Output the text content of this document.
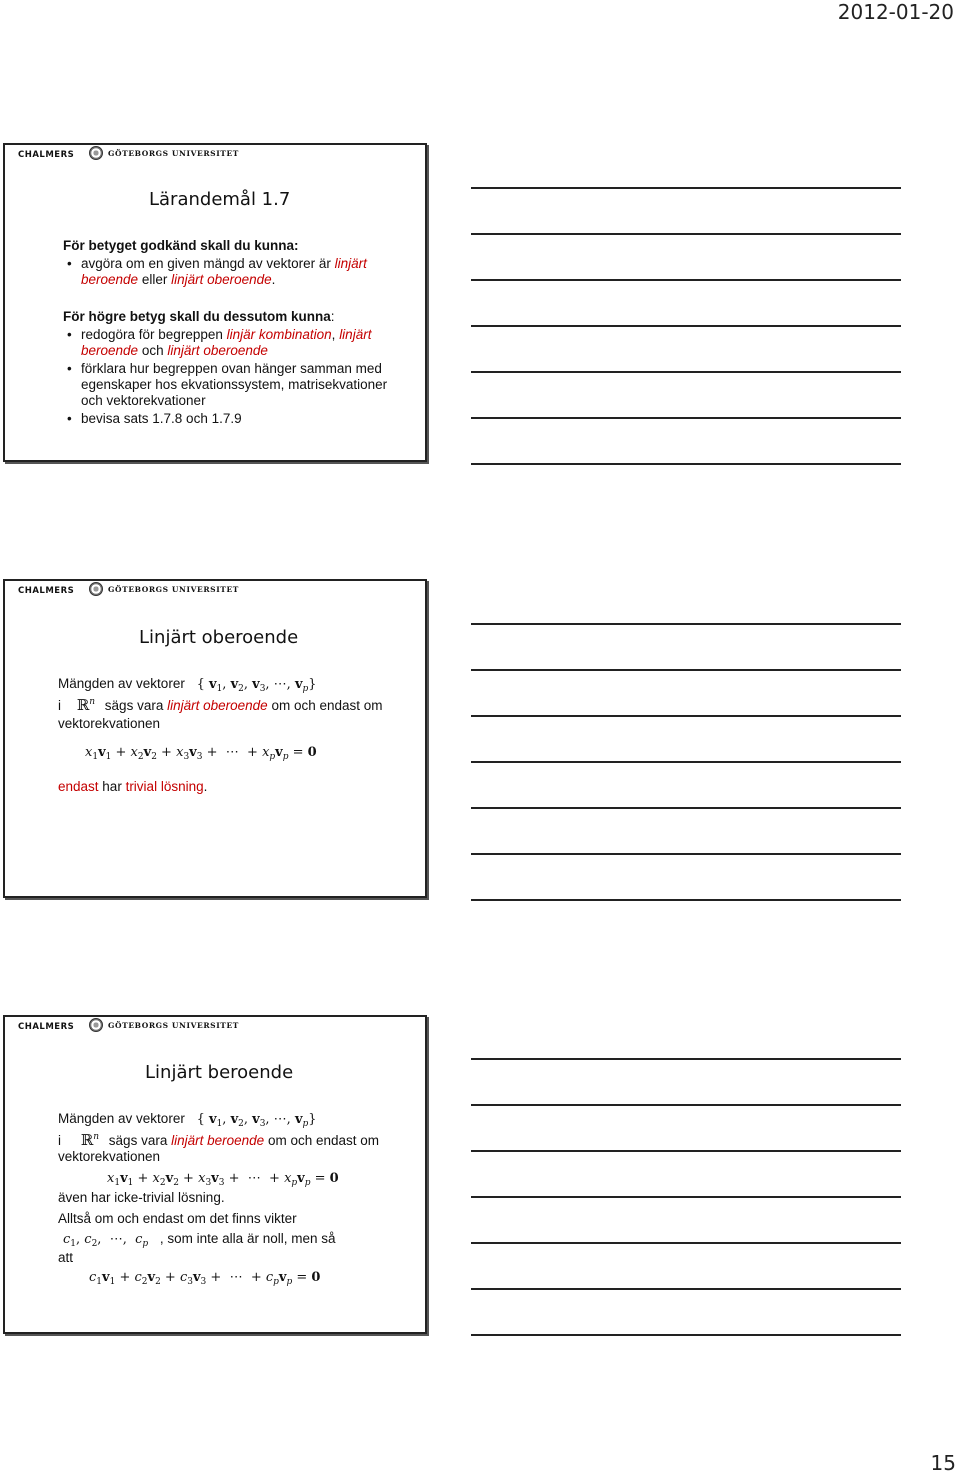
2012-01-20
CHALMERS	GÖTEBORGS UNIVERSITET
Lärandemål 1.7
För betyget godkänd skall du kunna:
• avgöra om en given mängd av vektorer är linjärt beroende eller linjärt oberoende.
För högre betyg skall du dessutom kunna:
• redogöra för begreppen linjär kombination, linjärt beroende och linjärt oberoende
• förklara hur begreppen ovan hänger samman med egenskaper hos ekvationssystem, matrisekvationer och vektorekvationer
• bevisa sats 1.7.8 och 1.7.9
CHALMERS	GÖTEBORGS UNIVERSITET
Linjärt oberoende
Mängden av vektorer { $v_1$, $v_2$, $v_3$, ⋯, $v_p$}
i ℝ$^n$ sägs vara linjärt oberoende om och endast om
vektorekvationen
$x_1v_1 + x_2v_2 + x_3v_3$ +  ⋯  + $x_pv_p = 0$
endast har trivial lösning.
CHALMERS	GÖTEBORGS UNIVERSITET
Linjärt beroende
Mängden av vektorer { $v_1$, $v_2$, $v_3$, ⋯, $v_p$}
i ℝ$^n$ sägs vara linjärt beroende om och endast om
vektorekvationen
$x_1v_1 + x_2v_2 + x_3v_3$ +  ⋯  + $x_pv_p = 0$
även har icke-trivial lösning.
Alltså om och endast om det finns vikter
$c_1$, $c_2$,  ⋯,  $c_p$ , som inte alla är noll, men så
att
$c_1v_1 + c_2v_2 + c_3v_3$ +  ⋯  + $c_pv_p = 0$
15
